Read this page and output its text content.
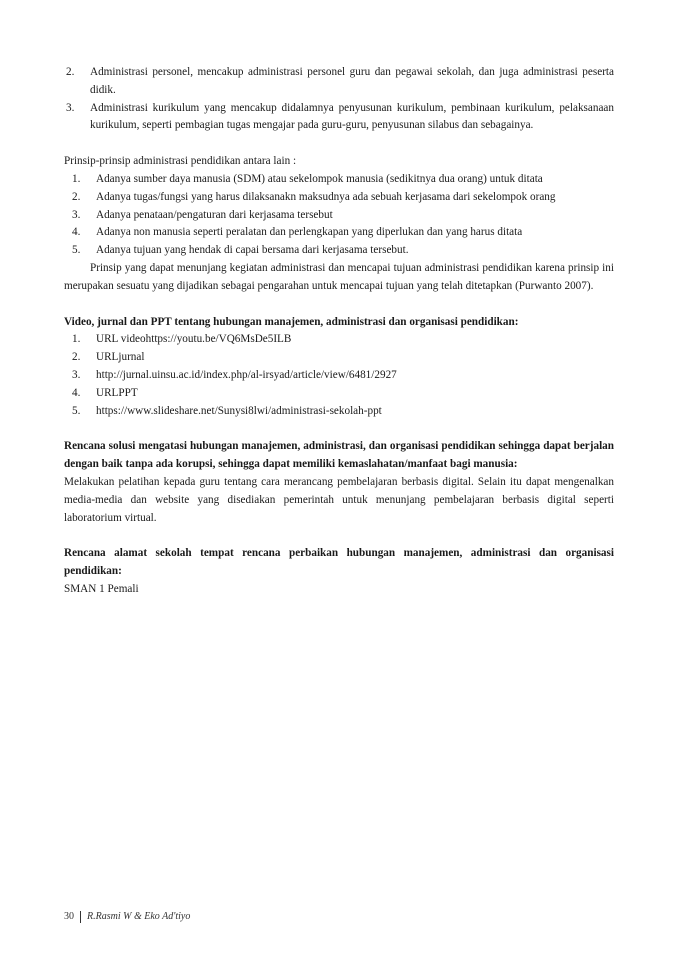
2.	Administrasi personel, mencakup administrasi personel guru dan pegawai sekolah, dan juga administrasi peserta didik.
3.	Administrasi kurikulum yang mencakup didalamnya penyusunan kurikulum, pembinaan kurikulum, pelaksanaan kurikulum, seperti pembagian tugas mengajar pada guru-guru, penyusunan silabus dan sebagainya.
Prinsip-prinsip administrasi pendidikan antara lain :
1.	Adanya sumber daya manusia (SDM) atau sekelompok manusia (sedikitnya dua orang) untuk ditata
2.	Adanya tugas/fungsi yang harus dilaksanakn maksudnya ada sebuah kerjasama dari sekelompok orang
3.	Adanya penataan/pengaturan dari kerjasama tersebut
4.	Adanya non manusia seperti peralatan dan perlengkapan yang diperlukan dan yang harus ditata
5.	Adanya tujuan yang hendak di capai bersama dari kerjasama tersebut.
Prinsip yang dapat menunjang kegiatan administrasi dan mencapai tujuan administrasi pendidikan karena prinsip ini merupakan sesuatu yang dijadikan sebagai pengarahan untuk mencapai tujuan yang telah ditetapkan (Purwanto 2007).
Video, jurnal dan PPT tentang hubungan manajemen, administrasi dan organisasi pendidikan:
1.	URL videohttps://youtu.be/VQ6MsDe5ILB
2.	URLjurnal
3.	http://jurnal.uinsu.ac.id/index.php/al-irsyad/article/view/6481/2927
4.	URLPPT
5.	https://www.slideshare.net/Sunysi8lwi/administrasi-sekolah-ppt
Rencana solusi mengatasi hubungan manajemen, administrasi, dan organisasi pendidikan sehingga dapat berjalan dengan baik tanpa ada korupsi, sehingga dapat memiliki kemaslahatan/manfaat bagi manusia:
Melakukan pelatihan kepada guru tentang cara merancang pembelajaran berbasis digital. Selain itu dapat mengenalkan media-media dan website yang disediakan pemerintah untuk menunjang pembelajaran berbasis digital seperti laboratorium virtual.
Rencana alamat sekolah tempat rencana perbaikan hubungan manajemen, administrasi dan organisasi pendidikan:
SMAN 1 Pemali
30 R.Rasmi W & Eko Ad'tiyo
